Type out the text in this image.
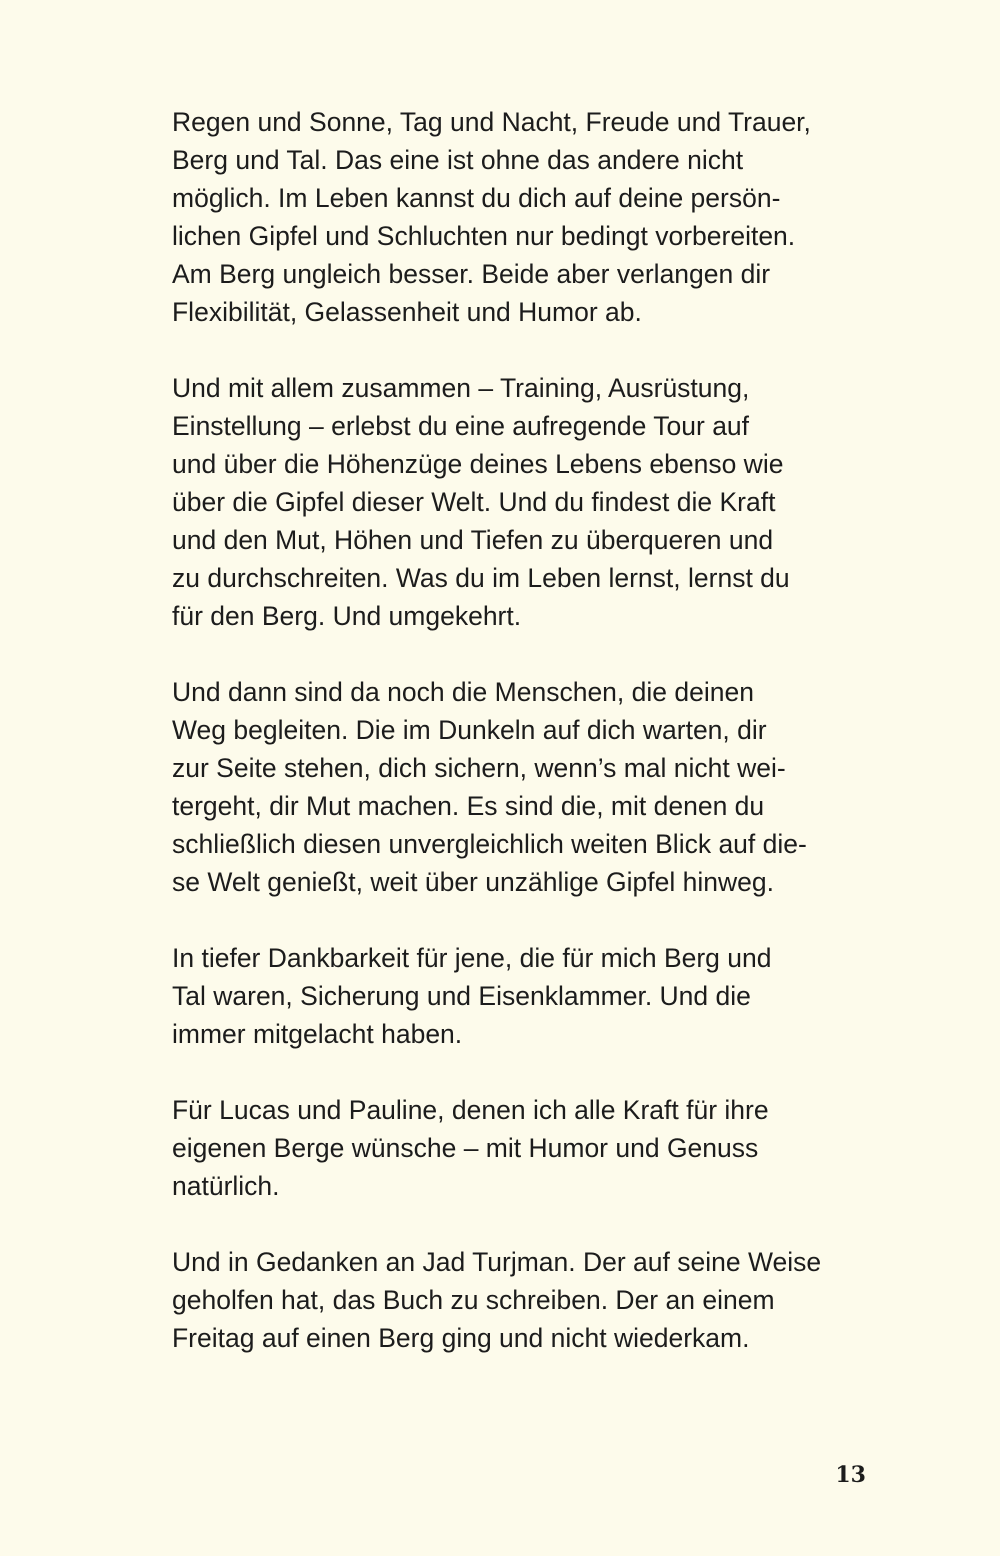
Regen und Sonne, Tag und Nacht, Freude und Trauer,
Berg und Tal. Das eine ist ohne das andere nicht
möglich. Im Leben kannst du dich auf deine persön-
lichen Gipfel und Schluchten nur bedingt vorbereiten.
Am Berg ungleich besser. Beide aber verlangen dir
Flexibilität, Gelassenheit und Humor ab.

Und mit allem zusammen – Training, Ausrüstung,
Einstellung – erlebst du eine aufregende Tour auf
und über die Höhenzüge deines Lebens ebenso wie
über die Gipfel dieser Welt. Und du findest die Kraft
und den Mut, Höhen und Tiefen zu überqueren und
zu durchschreiten. Was du im Leben lernst, lernst du
für den Berg. Und umgekehrt.

Und dann sind da noch die Menschen, die deinen
Weg begleiten. Die im Dunkeln auf dich warten, dir
zur Seite stehen, dich sichern, wenn’s mal nicht wei-
tergeht, dir Mut machen. Es sind die, mit denen du
schließlich diesen unvergleichlich weiten Blick auf die-
se Welt genießt, weit über unzählige Gipfel hinweg.

In tiefer Dankbarkeit für jene, die für mich Berg und
Tal waren, Sicherung und Eisenklammer. Und die
immer mitgelacht haben.

Für Lucas und Pauline, denen ich alle Kraft für ihre
eigenen Berge wünsche – mit Humor und Genuss
natürlich.

Und in Gedanken an Jad Turjman. Der auf seine Weise
geholfen hat, das Buch zu schreiben. Der an einem
Freitag auf einen Berg ging und nicht wiederkam.

13
